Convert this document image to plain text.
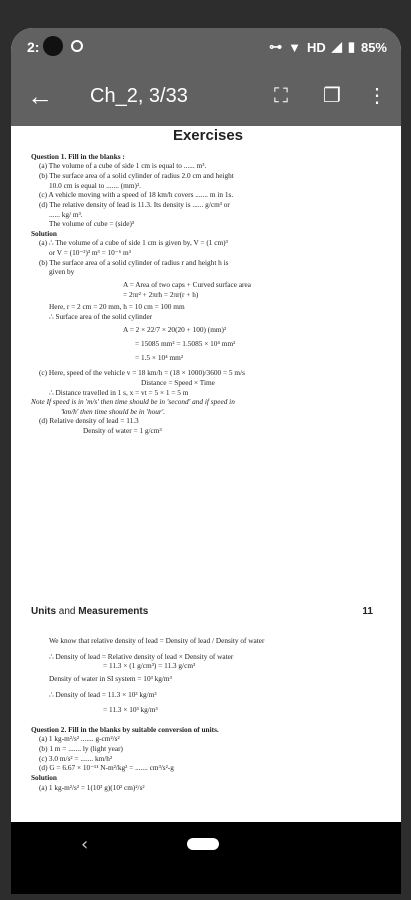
2:	⊶ ▼ HD ◢ ▮ 85%
← Ch_2, 3/33	⛶ ❐ ⋮

Exercises

Question 1. Fill in the blanks :

(a) The volume of a cube of side 1 cm is equal to ...... m³.

(b) The surface area of a solid cylinder of radius 2.0 cm and height

10.0 cm is equal to ....... (mm)².

(c) A vehicle moving with a speed of 18 km/h covers ....... m in 1s.

(d) The relative density of lead is 11.3. Its density is ...... g/cm³ or

...... kg/ m³.

The volume of cube = (side)³

Solution

(a) ∴ The volume of a cube of side 1 cm is given by, V = (1 cm)³

or V = (10⁻²)³ m³ = 10⁻⁶ m³

(b) The surface area of a solid cylinder of radius r and height h is

given by

A = Area of two caps + Curved surface area

= 2πr² + 2πrh = 2πr(r + h)

Here, r = 2 cm = 20 mm, h = 10 cm = 100 mm

∴ Surface area of the solid cylinder

A = 2 × 22/7 × 20(20 + 100) (mm)²

= 15085 mm² = 1.5085 × 10⁴ mm²

= 1.5 × 10⁴ mm²

(c) Here, speed of the vehicle v = 18 km/h = (18 × 1000)/3600 = 5 m/s

Distance = Speed × Time

∴ Distance travelled in 1 s, x = vt = 5 × 1 = 5 m

Note If speed is in 'm/s' then time should be in 'second' and if speed in

'km/h' then time should be in 'hour'.

(d) Relative density of lead = 11.3

Density of water = 1 g/cm³

Units and Measurements	11

We know that relative density of lead = Density of lead / Density of water

∴ Density of lead = Relative density of lead × Density of water

= 11.3 × (1 g/cm³) = 11.3 g/cm³

Density of water in SI system = 10³ kg/m³

∴ Density of lead = 11.3 × 10³ kg/m³

= 11.3 × 10³ kg/m³

Question 2. Fill in the blanks by suitable conversion of units.

(a) 1 kg-m²/s² ....... g-cm²/s²

(b) 1 m = ....... ly (light year)

(c) 3.0 m/s² = ....... km/h²

(d) G = 6.67 × 10⁻¹¹ N-m²/kg² = ....... cm³/s²-g

Solution

(a) 1 kg-m²/s² = 1(10³ g)(10² cm)²/s²

‹
